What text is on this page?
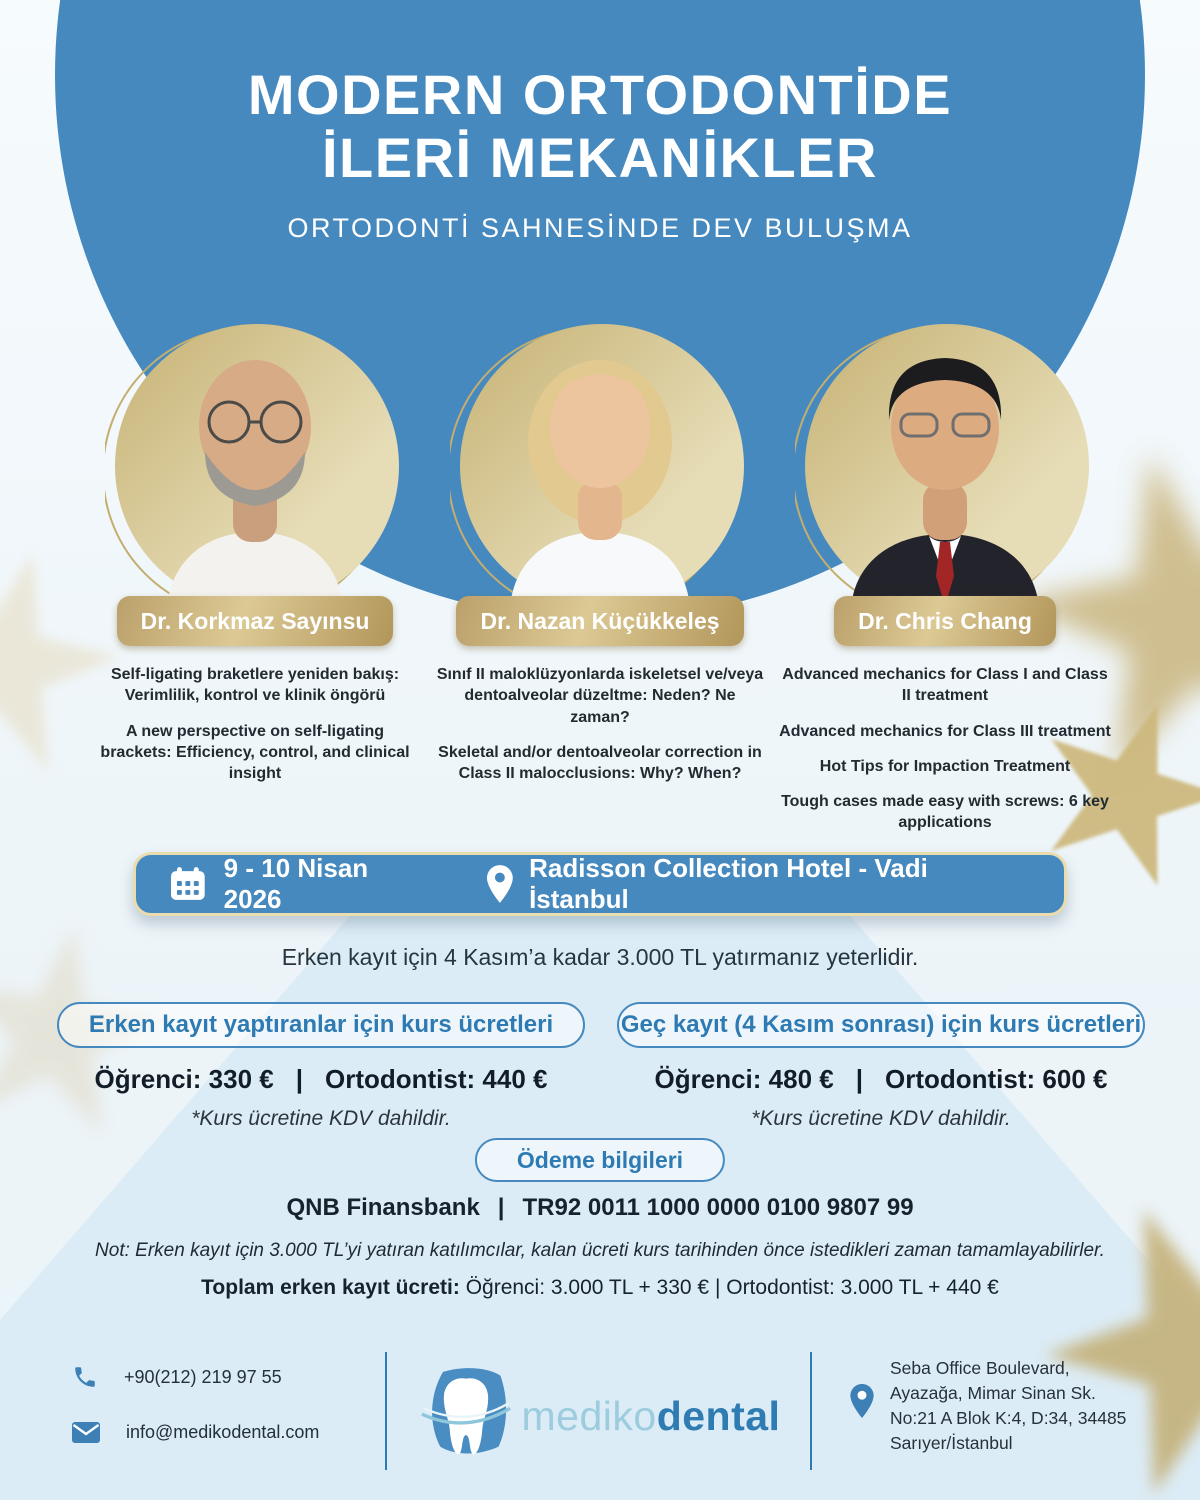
MODERN ORTODONTİDE
İLERİ MEKANİKLER
ORTODONTİ SAHNESİNDE DEV BULUŞMA
Dr. Korkmaz Sayınsu

Self-ligating braketlere yeniden bakış: Verimlilik, kontrol ve klinik öngörü

A new perspective on self-ligating brackets: Efficiency, control, and clinical insight

Dr. Nazan Küçükkeleş

Sınıf II maloklüzyonlarda iskeletsel ve/veya dentoalveolar düzeltme: Neden? Ne zaman?

Skeletal and/or dentoalveolar correction in Class II malocclusions: Why? When?

Dr. Chris Chang

Advanced mechanics for Class I and Class II treatment

Advanced mechanics for Class III treatment

Hot Tips for Impaction Treatment

Tough cases made easy with screws: 6 key applications

9 - 10 Nisan 2026
Radisson Collection Hotel - Vadi İstanbul
Erken kayıt için 4 Kasım’a kadar 3.000 TL yatırmanız yeterlidir.
Erken kayıt yaptıranlar için kurs ücretleri
Öğrenci: 330 € | Ortodontist: 440 €
*Kurs ücretine KDV dahildir.
Geç kayıt (4 Kasım sonrası) için kurs ücretleri
Öğrenci: 480 € | Ortodontist: 600 €
*Kurs ücretine KDV dahildir.
Ödeme bilgileri
QNB Finansbank | TR92 0011 1000 0000 0100 9807 99
Not: Erken kayıt için 3.000 TL’yi yatıran katılımcılar, kalan ücreti kurs tarihinden önce istedikleri zaman tamamlayabilirler.
Toplam erken kayıt ücreti: Öğrenci: 3.000 TL + 330 € | Ortodontist: 3.000 TL + 440 €
+90(212) 219 97 55
info@medikodental.com	medikodental
Seba Office Boulevard,
Ayazağa, Mimar Sinan Sk.
No:21 A Blok K:4, D:34, 34485
Sarıyer/İstanbul
